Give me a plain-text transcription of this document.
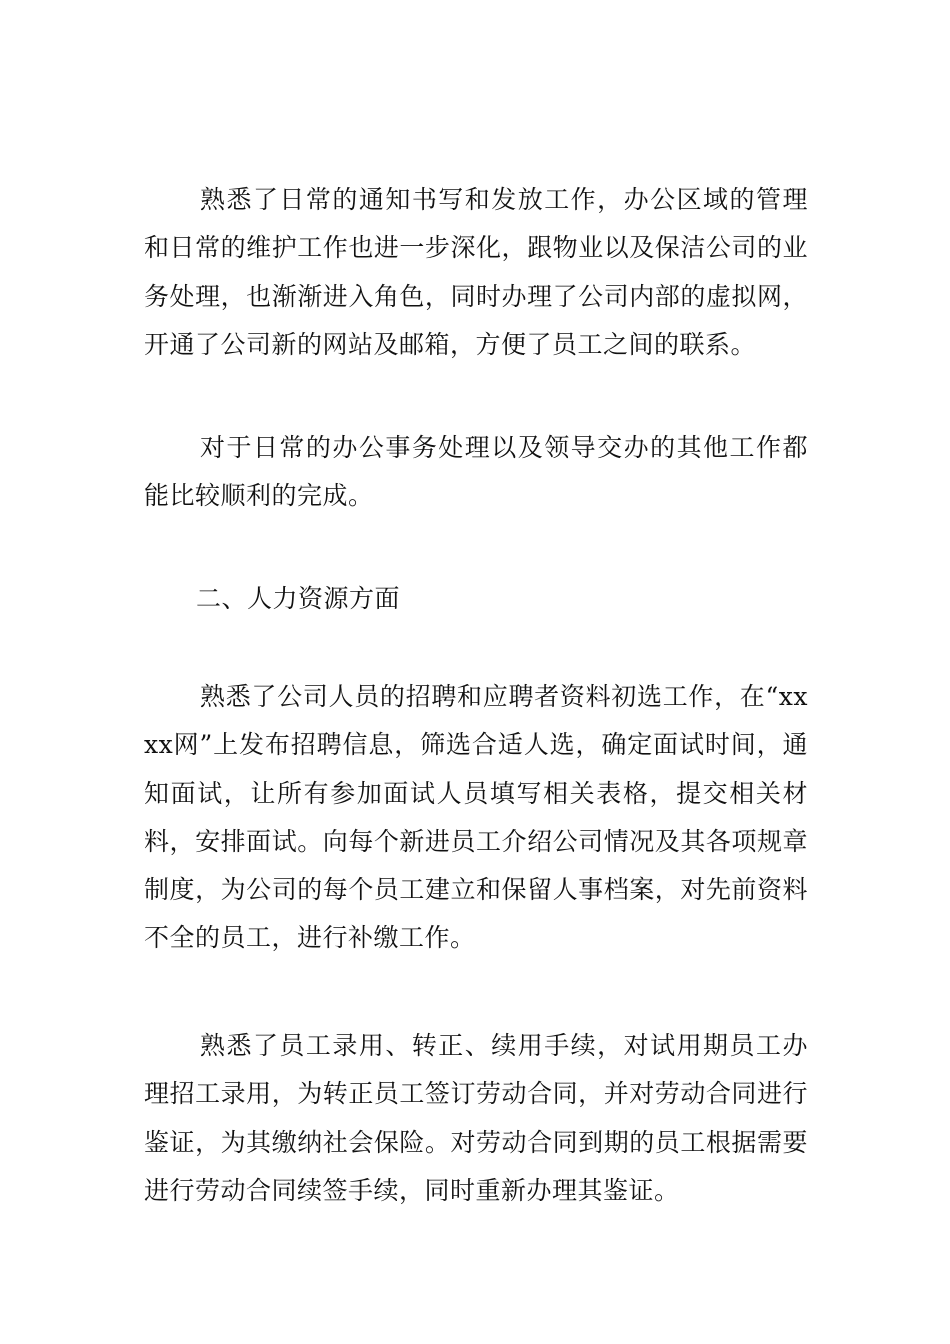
熟悉了日常的通知书写和发放工作，办公区域的管理和日常的维护工作也进一步深化，跟物业以及保洁公司的业务处理，也渐渐进入角色，同时办理了公司内部的虚拟网，开通了公司新的网站及邮箱，方便了员工之间的联系。

对于日常的办公事务处理以及领导交办的其他工作都能比较顺利的完成。

二、人力资源方面

熟悉了公司人员的招聘和应聘者资料初选工作，在“xxxx网”上发布招聘信息，筛选合适人选，确定面试时间，通知面试，让所有参加面试人员填写相关表格，提交相关材料，安排面试。向每个新进员工介绍公司情况及其各项规章制度，为公司的每个员工建立和保留人事档案，对先前资料不全的员工，进行补缴工作。

熟悉了员工录用、转正、续用手续，对试用期员工办理招工录用，为转正员工签订劳动合同，并对劳动合同进行鉴证，为其缴纳社会保险。对劳动合同到期的员工根据需要进行劳动合同续签手续，同时重新办理其鉴证。
